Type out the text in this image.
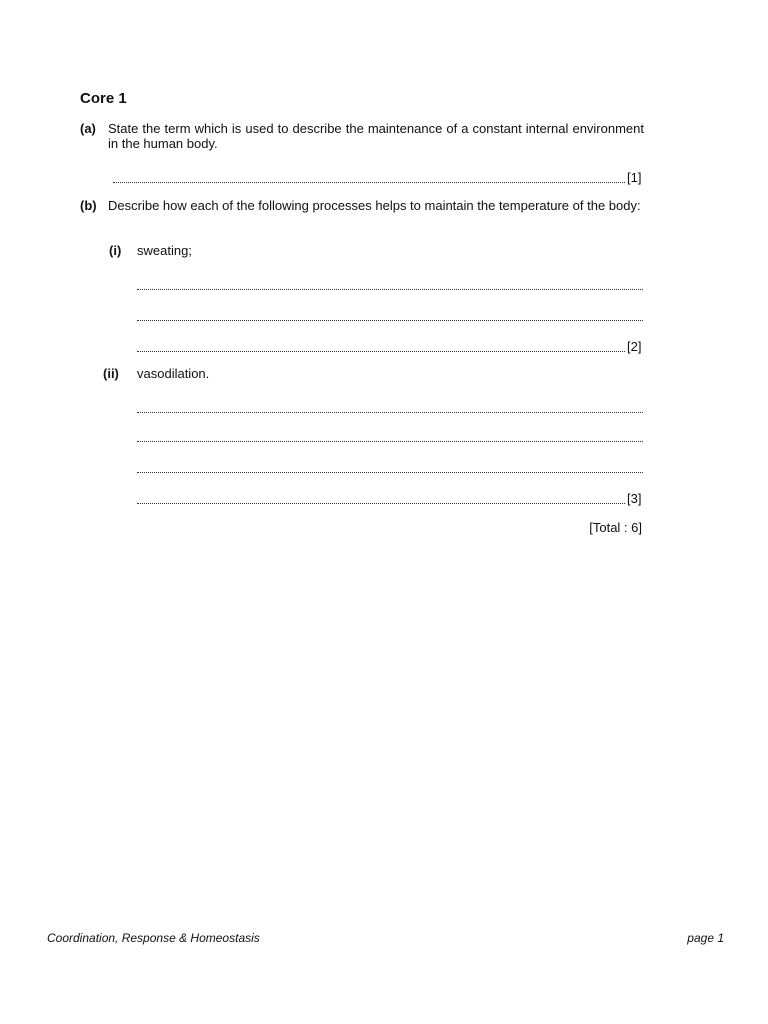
Core 1
(a) State the term which is used to describe the maintenance of a constant internal environment in the human body.
[1]
(b) Describe how each of the following processes helps to maintain the temperature of the body:
(i) sweating;
[2]
(ii) vasodilation.
[3]
[Total : 6]
Coordination, Response & Homeostasis	page 1
